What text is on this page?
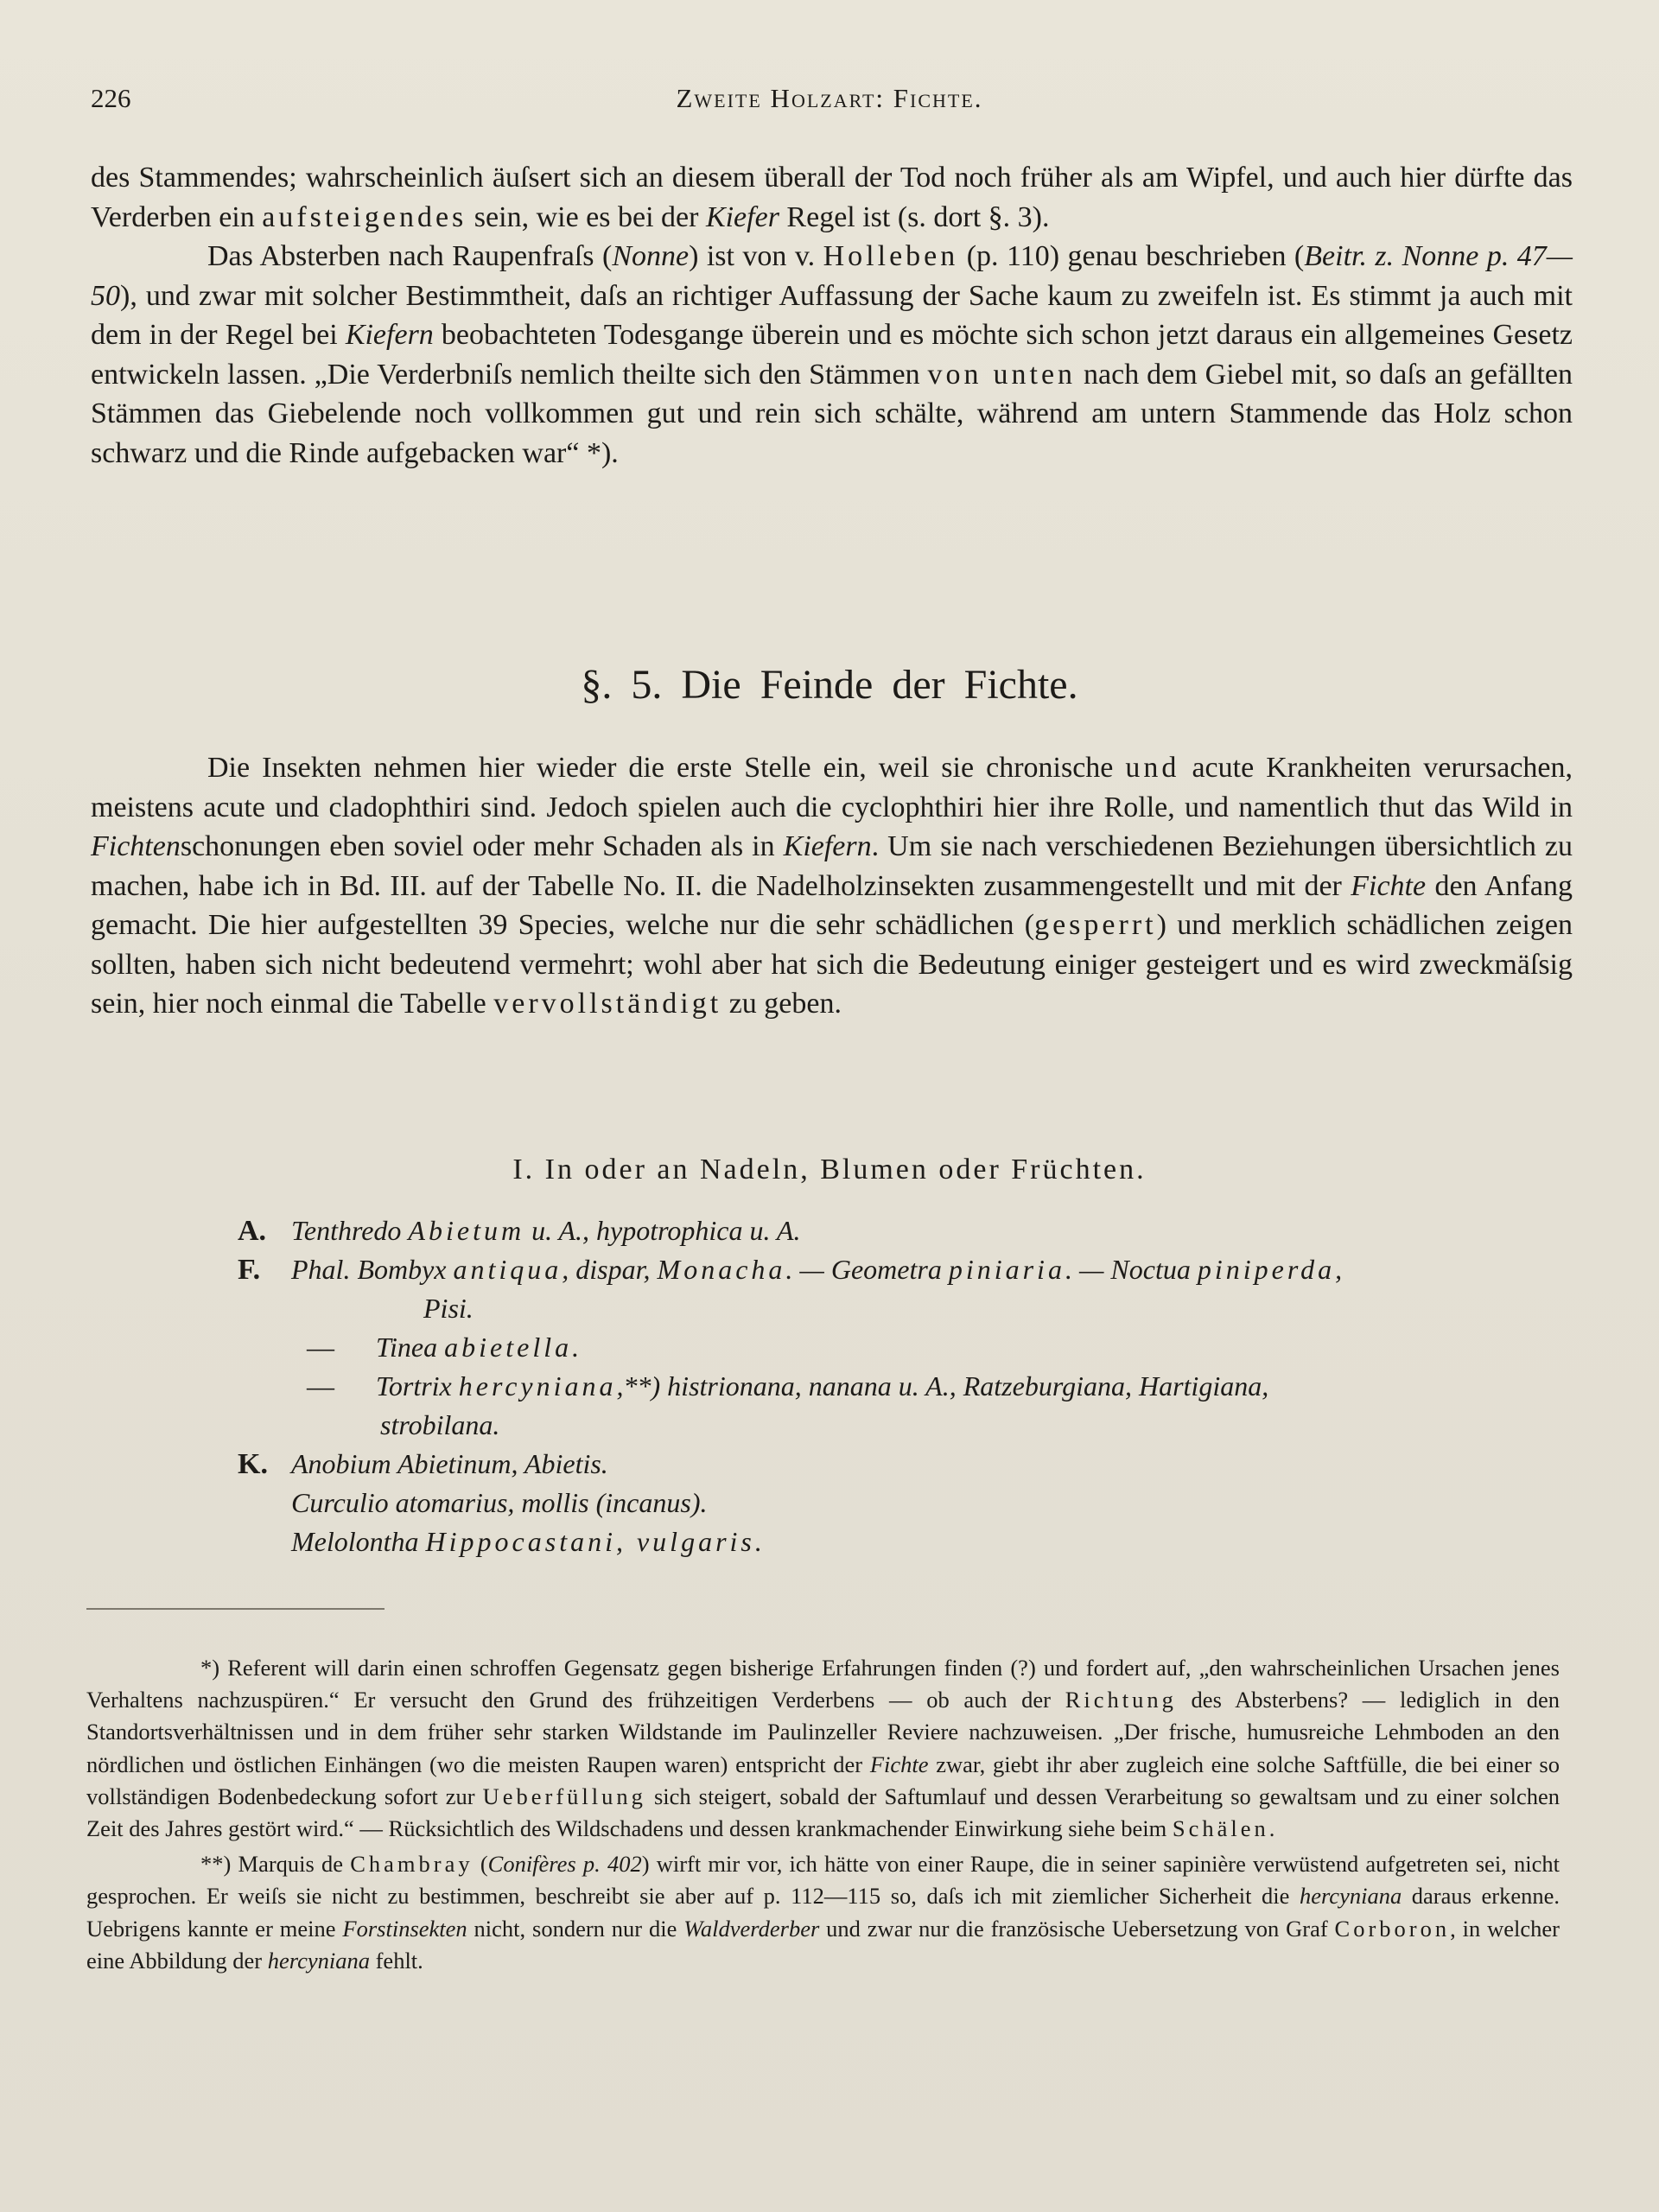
226	Zweite Holzart: Fichte.

des Stammendes; wahrscheinlich äuſsert sich an diesem überall der Tod noch früher als am Wipfel, und auch hier dürfte das Verderben ein aufsteigendes sein, wie es bei der Kiefer Regel ist (s. dort §. 3).

Das Absterben nach Raupenfraſs (Nonne) ist von v. Holleben (p. 110) genau beschrieben (Beitr. z. Nonne p. 47—50), und zwar mit solcher Bestimmtheit, daſs an richtiger Auffassung der Sache kaum zu zweifeln ist. Es stimmt ja auch mit dem in der Regel bei Kiefern beobachteten Todesgange überein und es möchte sich schon jetzt daraus ein allgemeines Gesetz entwickeln lassen. „Die Verderbniſs nemlich theilte sich den Stämmen von unten nach dem Giebel mit, so daſs an gefällten Stämmen das Giebelende noch vollkommen gut und rein sich schälte, während am untern Stammende das Holz schon schwarz und die Rinde aufgebacken war“ *).

§. 5. Die Feinde der Fichte.

Die Insekten nehmen hier wieder die erste Stelle ein, weil sie chronische und acute Krankheiten verursachen, meistens acute und cladophthiri sind. Jedoch spielen auch die cyclophthiri hier ihre Rolle, und namentlich thut das Wild in Fichtenschonungen eben soviel oder mehr Schaden als in Kiefern. Um sie nach verschiedenen Beziehungen übersichtlich zu machen, habe ich in Bd. III. auf der Tabelle No. II. die Nadelholzinsekten zusammengestellt und mit der Fichte den Anfang gemacht. Die hier aufgestellten 39 Species, welche nur die sehr schädlichen (gesperrt) und merklich schädlichen zeigen sollten, haben sich nicht bedeutend vermehrt; wohl aber hat sich die Bedeutung einiger gesteigert und es wird zweckmäſsig sein, hier noch einmal die Tabelle vervollständigt zu geben.

I. In oder an Nadeln, Blumen oder Früchten.
A. Tenthredo Abietum u. A., hypotrophica u. A.
F.	Phal. Bombyx antiqua, dispar, Monacha. — Geometra piniaria. — Noctua piniperda,
Pisi.
— Tinea abietella.
— Tortrix hercyniana,**) histrionana, nanana u. A., Ratzeburgiana, Hartigiana,
strobilana.
K. Anobium Abietinum, Abietis.
Curculio atomarius, mollis (incanus).
Melolontha Hippocastani, vulgaris.

*) Referent will darin einen schroffen Gegensatz gegen bisherige Erfahrungen finden (?) und fordert auf, „den wahrscheinlichen Ursachen jenes Verhaltens nachzuspüren.“ Er versucht den Grund des frühzeitigen Verderbens — ob auch der Richtung des Absterbens? — lediglich in den Standortsverhältnissen und in dem früher sehr starken Wildstande im Paulinzeller Reviere nachzuweisen. „Der frische, humusreiche Lehmboden an den nördlichen und östlichen Einhängen (wo die meisten Raupen waren) entspricht der Fichte zwar, giebt ihr aber zugleich eine solche Saftfülle, die bei einer so vollständigen Bodenbedeckung sofort zur Ueberfüllung sich steigert, sobald der Saftumlauf und dessen Verarbeitung so gewaltsam und zu einer solchen Zeit des Jahres gestört wird.“ — Rücksichtlich des Wildschadens und dessen krankmachender Einwirkung siehe beim Schälen.

**) Marquis de Chambray (Conifères p. 402) wirft mir vor, ich hätte von einer Raupe, die in seiner sapinière verwüstend aufgetreten sei, nicht gesprochen. Er weiſs sie nicht zu bestimmen, beschreibt sie aber auf p. 112—115 so, daſs ich mit ziemlicher Sicherheit die hercyniana daraus erkenne. Uebrigens kannte er meine Forstinsekten nicht, sondern nur die Waldverderber und zwar nur die französische Uebersetzung von Graf Corboron, in welcher eine Abbildung der hercyniana fehlt.
